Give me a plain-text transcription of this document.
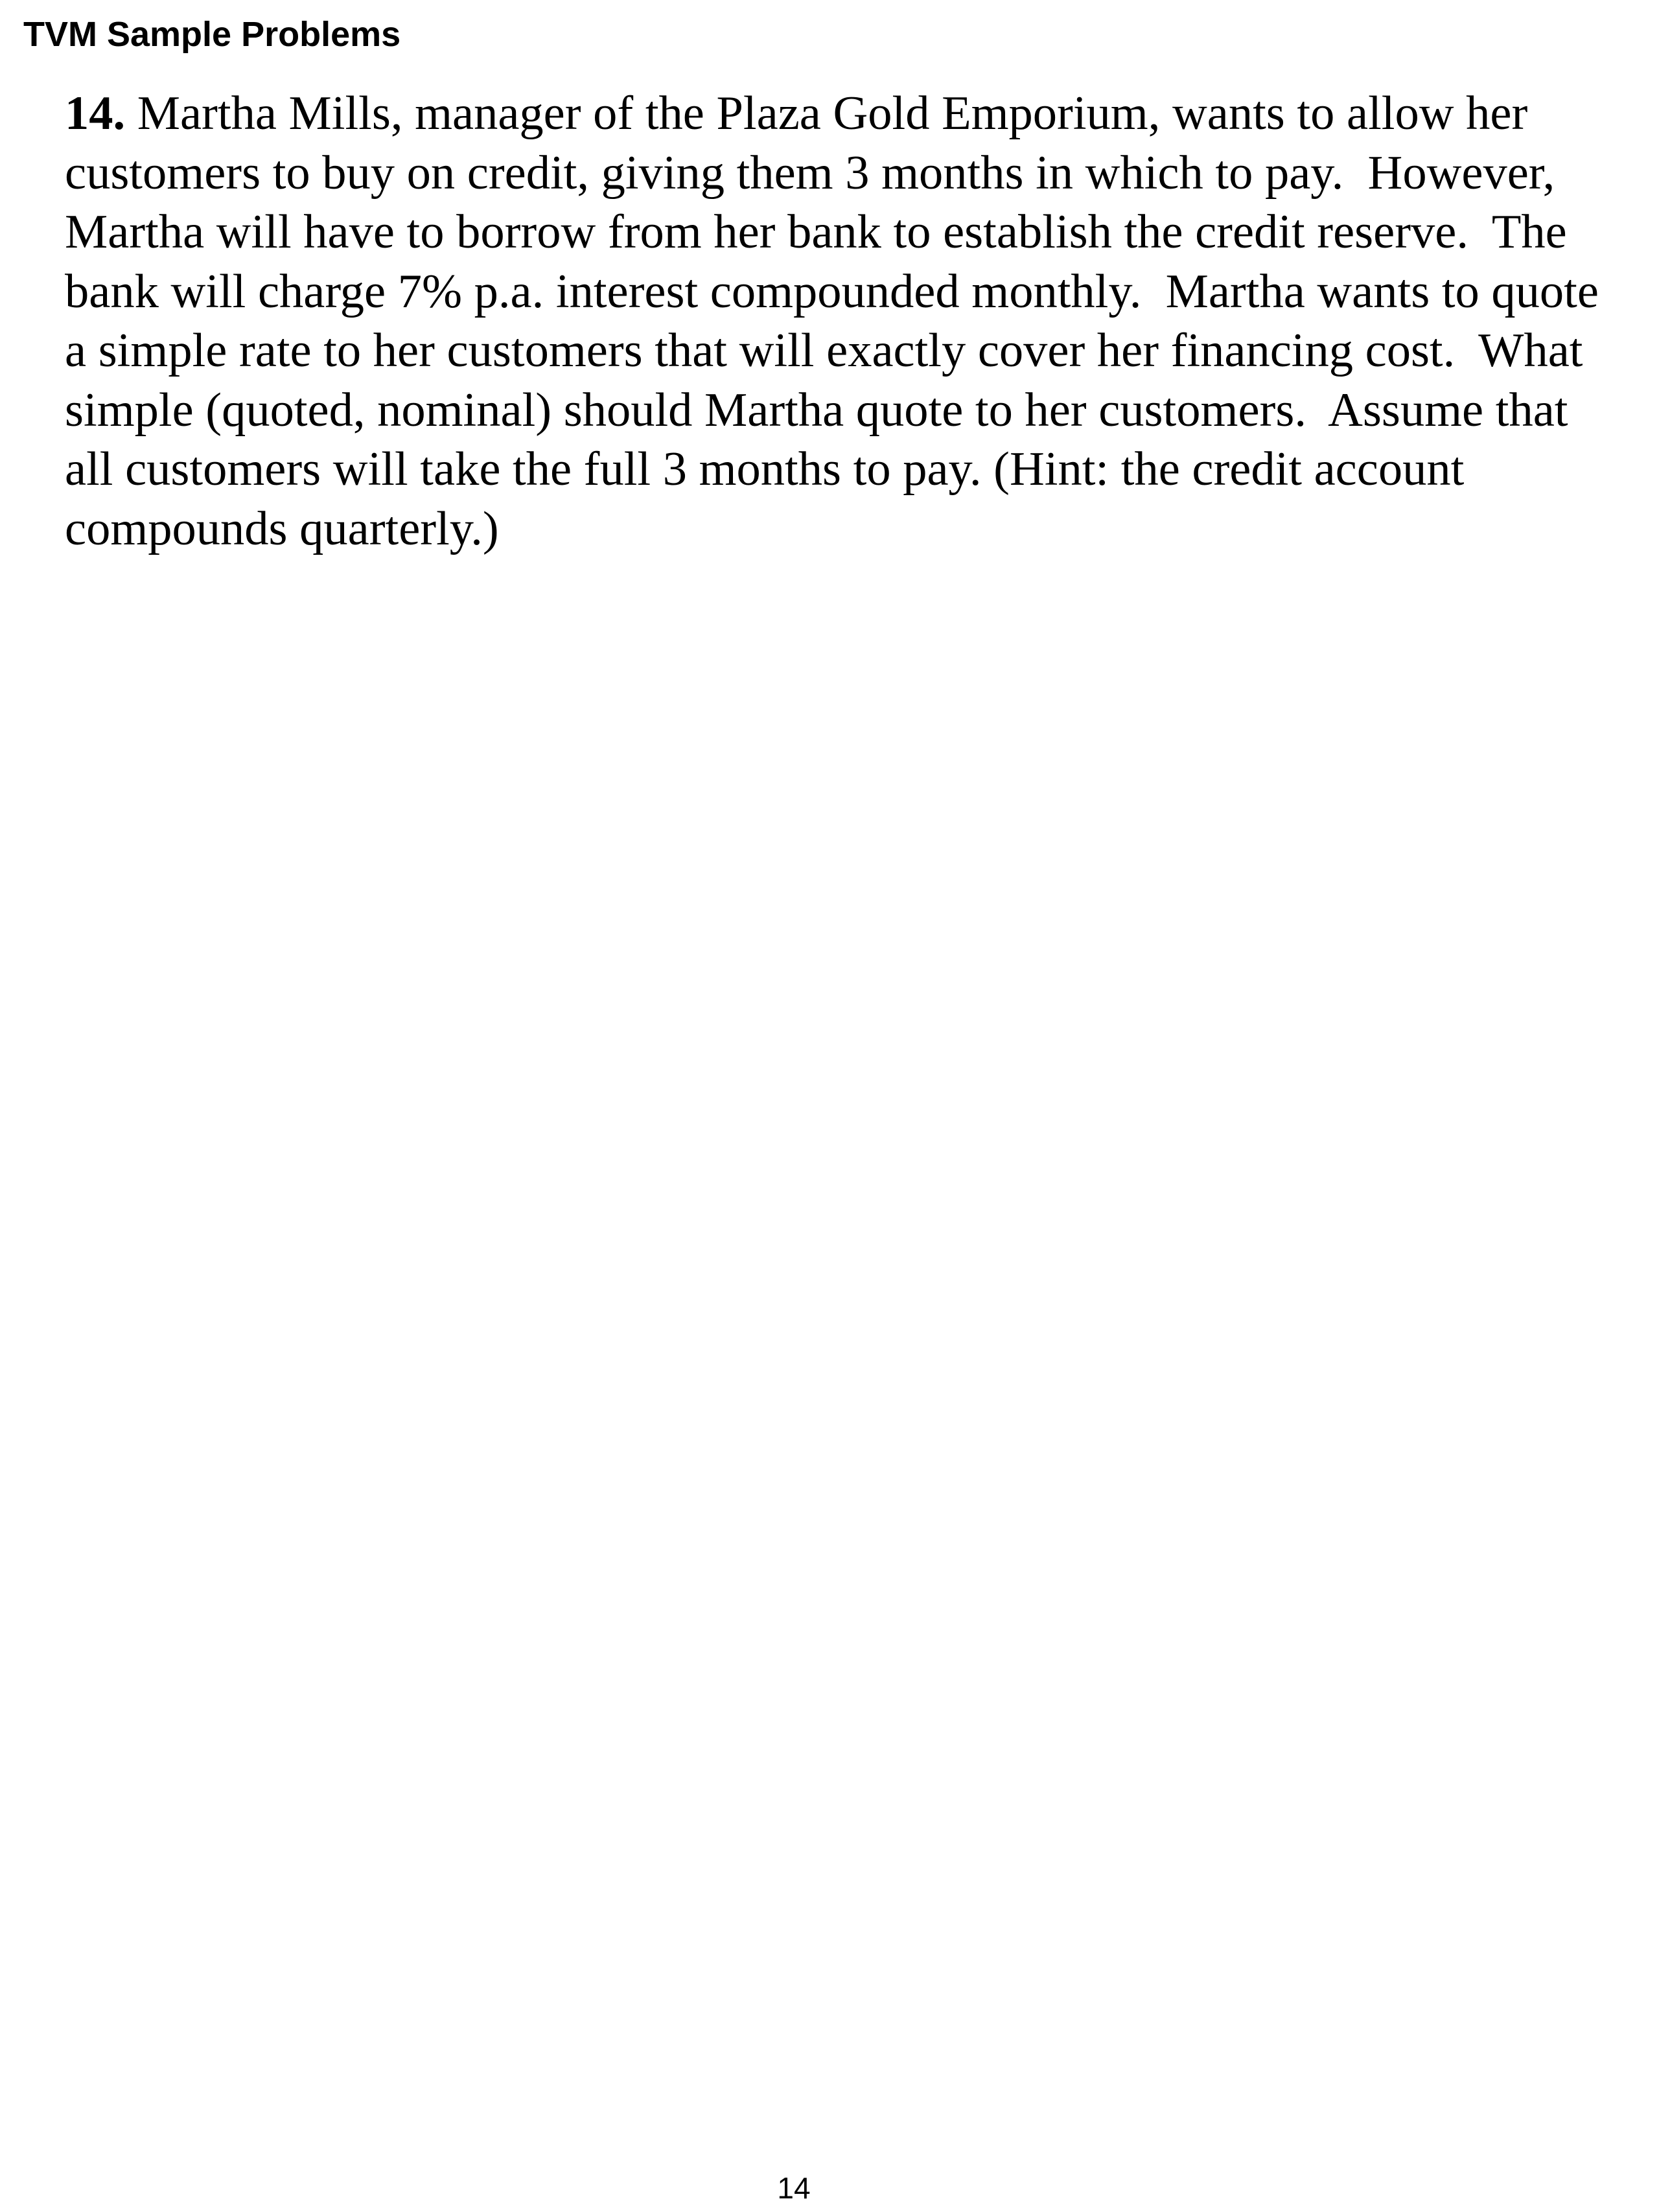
TVM Sample Problems
14. Martha Mills, manager of the Plaza Gold Emporium, wants to allow her
customers to buy on credit, giving them 3 months in which to pay.  However,
Martha will have to borrow from her bank to establish the credit reserve.  The
bank will charge 7% p.a. interest compounded monthly.  Martha wants to quote
a simple rate to her customers that will exactly cover her financing cost.  What
simple (quoted, nominal) should Martha quote to her customers.  Assume that
all customers will take the full 3 months to pay. (Hint: the credit account
compounds quarterly.)
14
